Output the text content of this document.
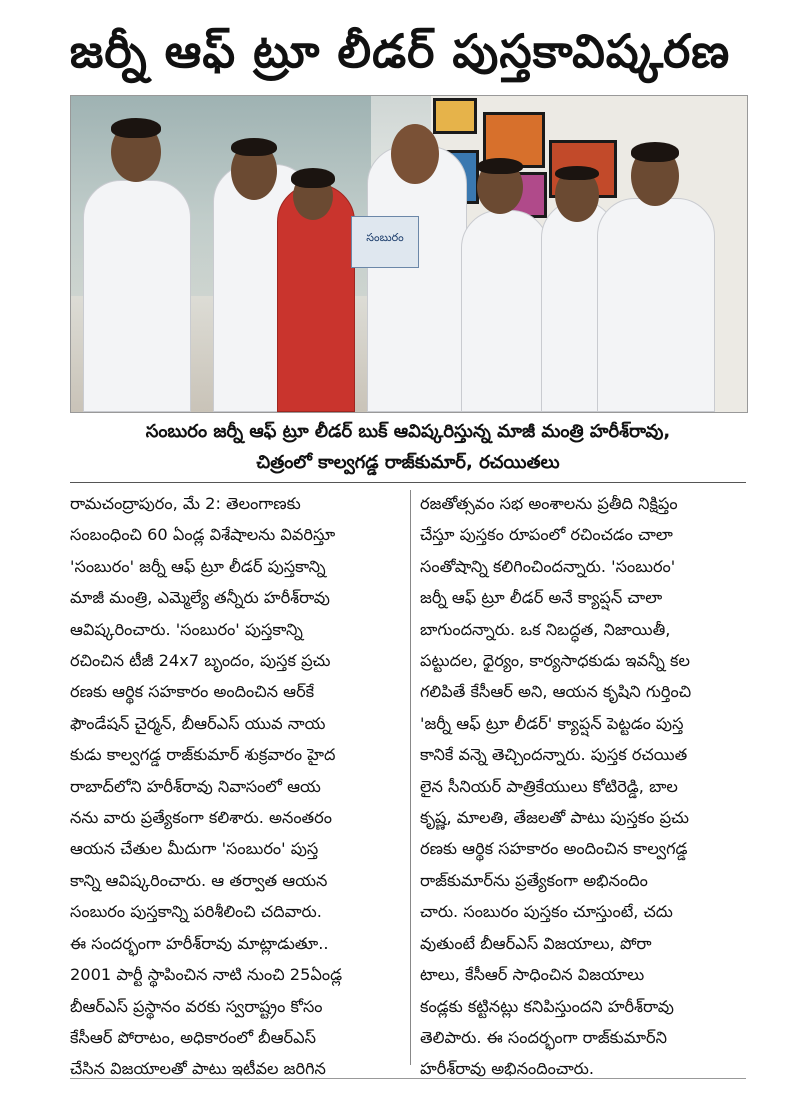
జర్నీ ఆఫ్ ట్రూ లీడర్ పుస్తకావిష్కరణ
సంబురం
సంబురం జర్నీ ఆఫ్ ట్రూ లీడర్ బుక్ ఆవిష్కరిస్తున్న మాజీ మంత్రి హరీశ్‌రావు,
చిత్రంలో కాల్వగడ్డ రాజ్‌కుమార్, రచయితలు

రామచంద్రాపురం, మే 2: తెలంగాణకు

సంబంధించి 60 ఏండ్ల విశేషాలను వివరిస్తూ

'సంబురం' జర్నీ ఆఫ్ ట్రూ లీడర్ పుస్తకాన్ని

మాజీ మంత్రి, ఎమ్మెల్యే తన్నీరు హరీశ్‌రావు

ఆవిష్కరించారు. 'సంబురం' పుస్తకాన్ని

రచించిన టీజీ 24x7 బృందం, పుస్తక ప్రచు

రణకు ఆర్థిక సహకారం అందించిన ఆర్‌కే

ఫౌండేషన్ చైర్మన్, బీఆర్‌ఎస్ యువ నాయ

కుడు కాల్వగడ్డ రాజ్‌కుమార్ శుక్రవారం హైద

రాబాద్‌లోని హరీశ్‌రావు నివాసంలో ఆయ

నను వారు ప్రత్యేకంగా కలిశారు. అనంతరం

ఆయన చేతుల మీదుగా 'సంబురం' పుస్త

కాన్ని ఆవిష్కరించారు. ఆ తర్వాత ఆయన

సంబురం పుస్తకాన్ని పరిశీలించి చదివారు.

ఈ సందర్భంగా హరీశ్‌రావు మాట్లాడుతూ..

2001 పార్టీ స్థాపించిన నాటి నుంచి 25ఏండ్ల

బీఆర్‌ఎస్ ప్రస్థానం వరకు స్వరాష్ట్రం కోసం

కేసీఆర్ పోరాటం, అధికారంలో బీఆర్‌ఎస్

చేసిన విజయాలతో పాటు ఇటీవల జరిగిన

రజతోత్సవం సభ అంశాలను ప్రతీది నిక్షిప్తం

చేస్తూ పుస్తకం రూపంలో రచించడం చాలా

సంతోషాన్ని కలిగించిందన్నారు. 'సంబురం'

జర్నీ ఆఫ్ ట్రూ లీడర్ అనే క్యాప్షన్ చాలా

బాగుందన్నారు. ఒక నిబద్ధత, నిజాయితీ,

పట్టుదల, ధైర్యం, కార్యసాధకుడు ఇవన్నీ కల

గలిపితే కేసీఆర్ అని, ఆయన కృషిని గుర్తించి

'జర్నీ ఆఫ్ ట్రూ లీడర్' క్యాప్షన్ పెట్టడం పుస్త

కానికే వన్నె తెచ్చిందన్నారు. పుస్తక రచయిత

లైన సీనియర్ పాత్రికేయులు కోటిరెడ్డి, బాల

కృష్ణ, మాలతి, తేజలతో పాటు పుస్తకం ప్రచు

రణకు ఆర్థిక సహకారం అందించిన కాల్వగడ్డ

రాజ్‌కుమార్‌ను ప్రత్యేకంగా అభినందిం

చారు. సంబురం పుస్తకం చూస్తుంటే, చదు

వుతుంటే బీఆర్‌ఎస్ విజయాలు, పోరా

టాలు, కేసీఆర్ సాధించిన విజయాలు

కండ్లకు కట్టినట్లు కనిపిస్తుందని హరీశ్‌రావు

తెలిపారు. ఈ సందర్భంగా రాజ్‌కుమార్‌ని

హరీశ్‌రావు అభినందించారు.
